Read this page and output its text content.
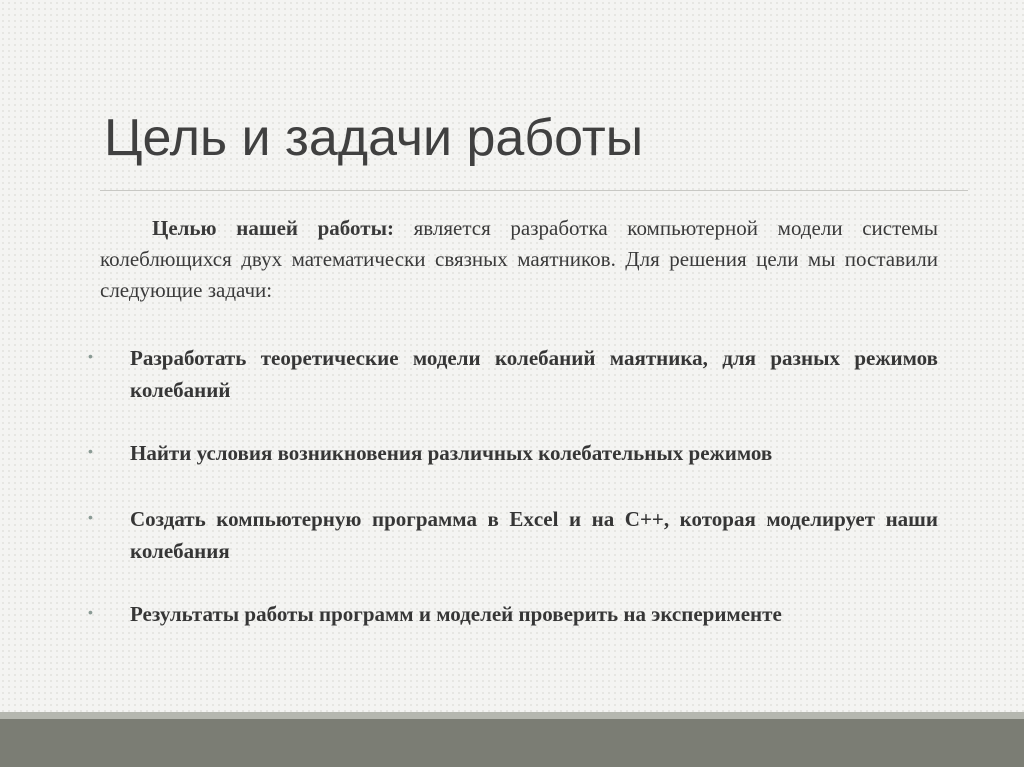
Цель и задачи работы
Целью нашей работы: является разработка компьютерной модели системы колеблющихся двух математически связных маятников. Для решения цели мы поставили следующие задачи:
• Разработать теоретические модели колебаний маятника, для разных режимов колебаний
• Найти условия возникновения различных колебательных режимов
• Создать компьютерную программа в Excel и на С++, которая моделирует наши колебания
• Результаты работы программ и моделей проверить на эксперименте
